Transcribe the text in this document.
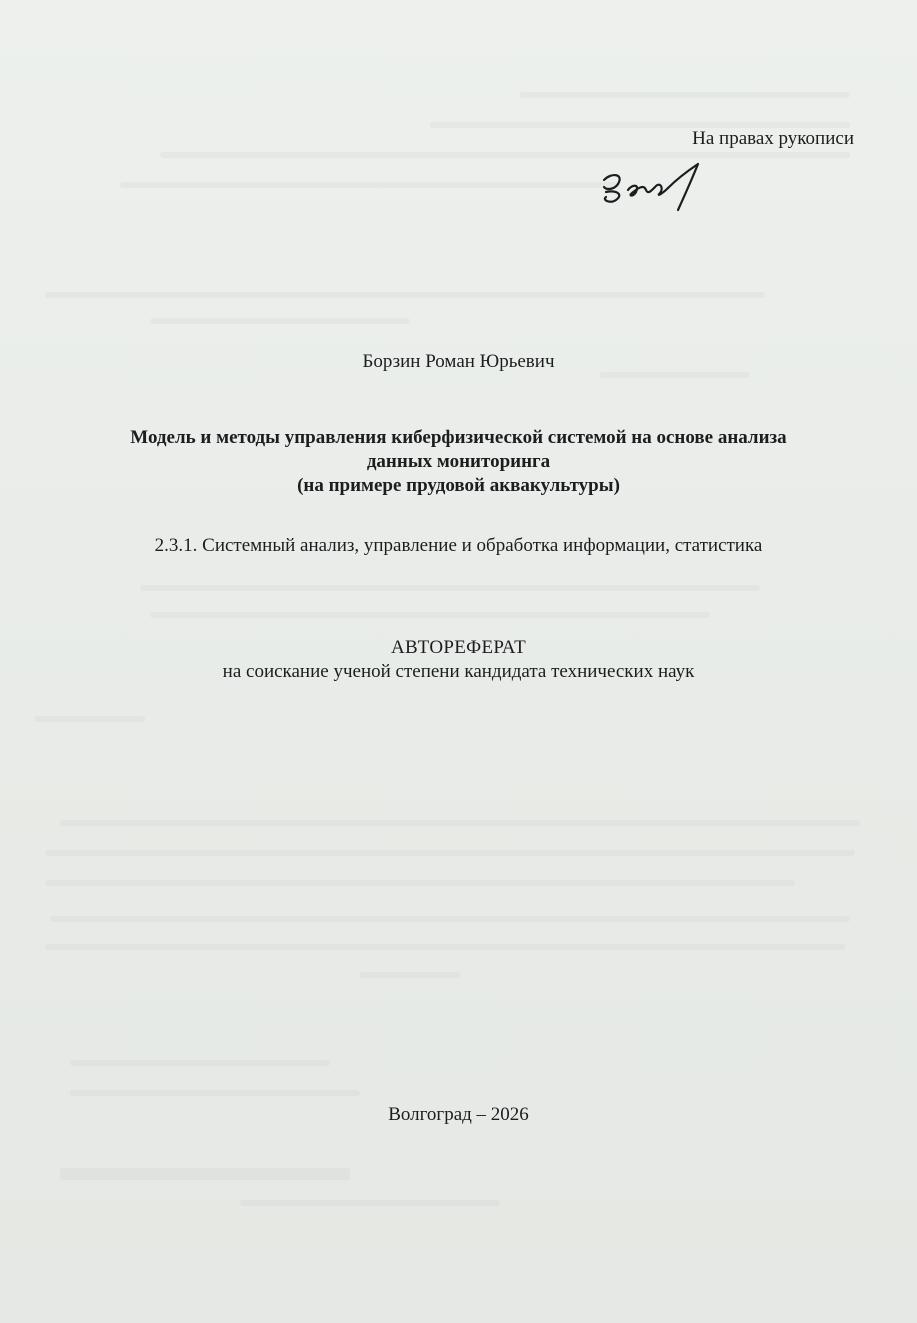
На правах рукописи
Борзин Роман Юрьевич
Модель и методы управления киберфизической системой на основе анализа
данных мониторинга
(на примере прудовой аквакультуры)
2.3.1. Системный анализ, управление и обработка информации, статистика
АВТОРЕФЕРАТ
на соискание ученой степени кандидата технических наук
Волгоград – 2026
